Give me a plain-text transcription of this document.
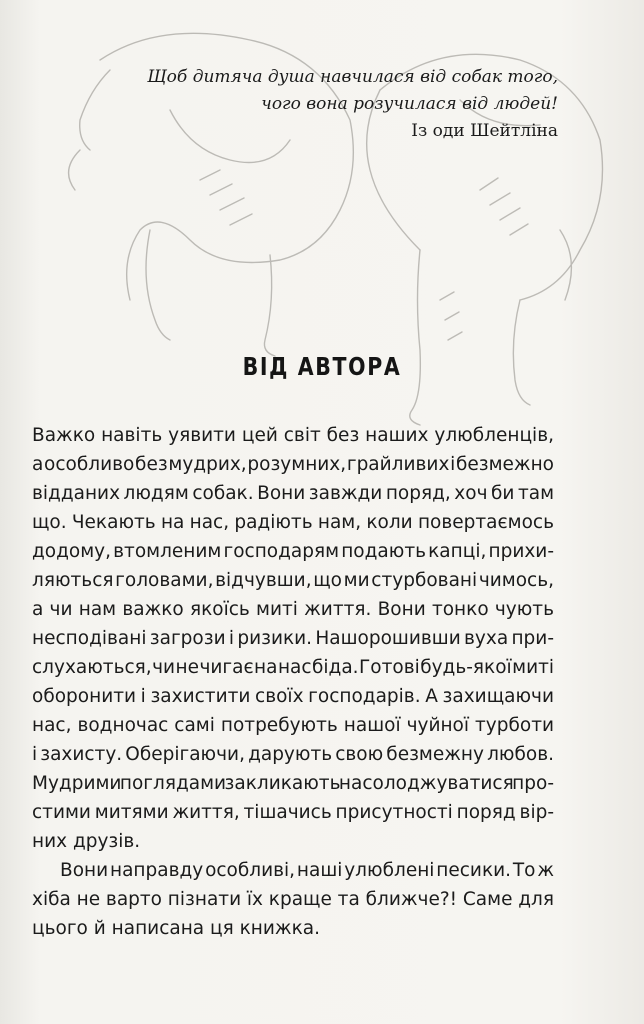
Щоб дитяча душа навчилася від собак того,
чого вона розучилася від людей!
Із оди Шейтліна
ВІД АВТОРА

Важко навіть уявити цей світ без наших улюбленців,
а особливо без мудрих, розумних, грайливих і безмежно
відданих людям собак. Вони завжди поряд, хоч би там
що. Чекають на нас, радіють нам, коли повертаємось
додому, втомленим господарям подають капці, прихи-
ляються головами, відчувши, що ми стурбовані чимось,
а чи нам важко якоїсь миті життя. Вони тонко чують
несподівані загрози і ризики. Нашорошивши вуха при-
слухаються, чи не чигає на нас біда. Готові будь-якої миті
оборонити і захистити своїх господарів. А захищаючи
нас, водночас самі потребують нашої чуйної турботи
і захисту. Оберігаючи, дарують свою безмежну любов.
Мудрими поглядами закликають насолоджуватися про-
стими митями життя, тішачись присутності поряд вір-
них друзів.

Вони направду особливі, наші улюблені песики. То ж
хіба не варто пізнати їх краще та ближче?! Саме для
цього й написана ця книжка.
